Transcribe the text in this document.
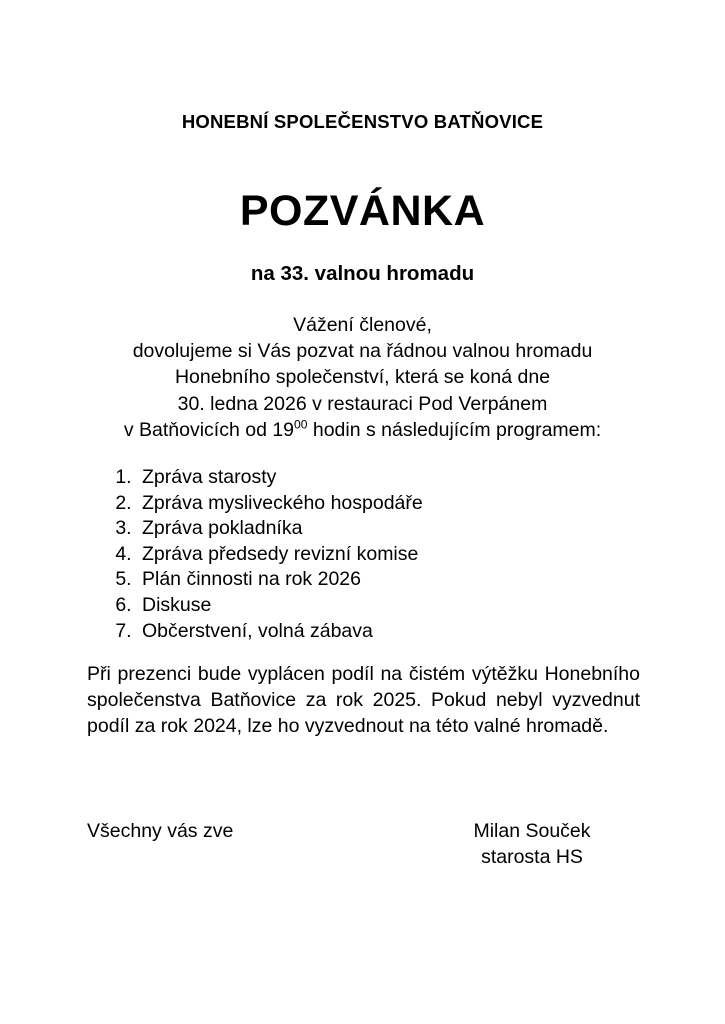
HONEBNÍ SPOLEČENSTVO BATŇOVICE
POZVÁNKA
na 33. valnou hromadu
Vážení členové,
dovolujeme si Vás pozvat na řádnou valnou hromadu
Honebního společenství, která se koná dne
30. ledna 2026 v restauraci Pod Verpánem
v Batňovicích od $19^{00}$ hodin s následujícím programem:
1. Zpráva starosty
2. Zpráva mysliveckého hospodáře
3. Zpráva pokladníka
4. Zpráva předsedy revizní komise
5. Plán činnosti na rok 2026
6. Diskuse
7. Občerstvení, volná zábava
Při prezenci bude vyplácen podíl na čistém výtěžku Honebního společenstva Batňovice za rok 2025. Pokud nebyl vyzvednut podíl za rok 2024, lze ho vyzvednout na této valné hromadě.
Všechny vás zve	Milan Souček
starosta HS
